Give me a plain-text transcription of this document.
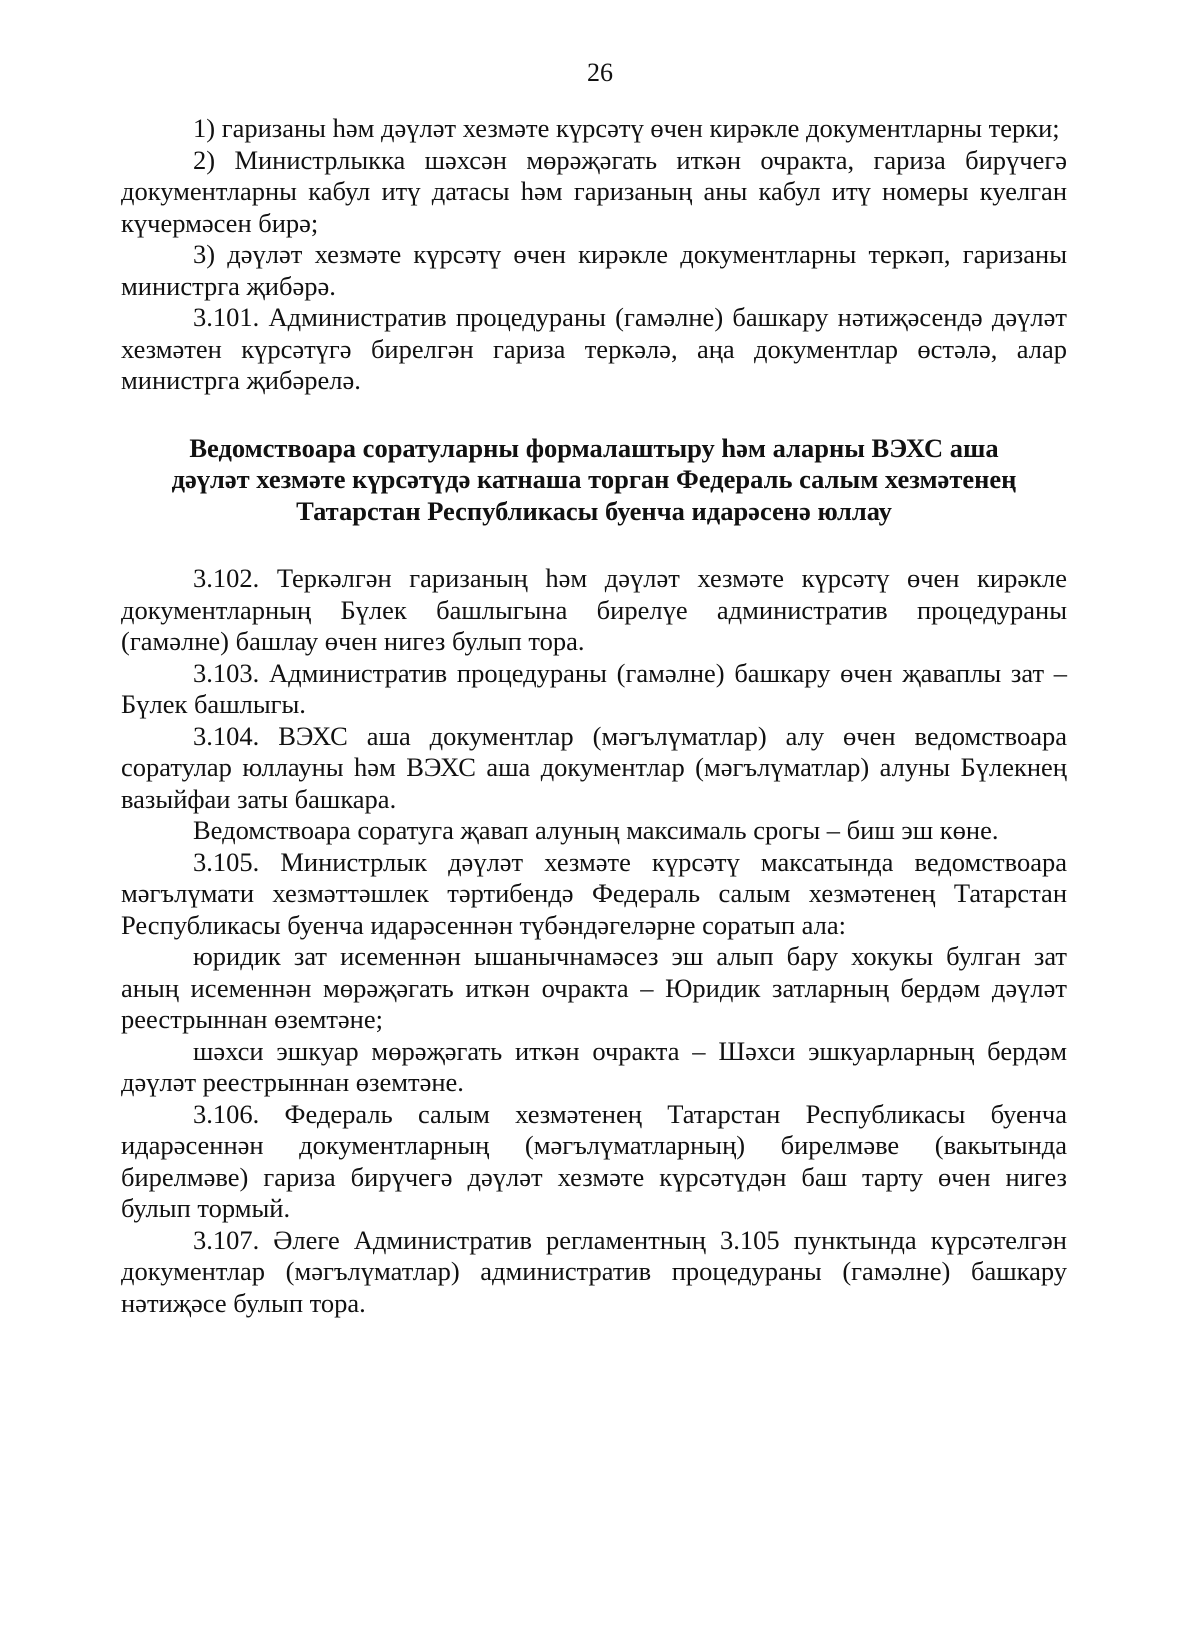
26

1) гаризаны һәм дәүләт хезмәте күрсәтү өчен кирәкле документларны терки;

2) Министрлыкка шәхсән мөрәҗәгать иткән очракта, гариза бирүчегә документларны кабул итү датасы һәм гаризаның аны кабул итү номеры куелган күчермәсен бирә;

3) дәүләт хезмәте күрсәтү өчен кирәкле документларны теркәп, гаризаны министрга җибәрә.

3.101. Административ процедураны (гамәлне) башкару нәтиҗәсендә дәүләт хезмәтен күрсәтүгә бирелгән гариза терк​әлә, аңа документлар өстәлә, алар министрга җибәрелә.

Ведомствоара соратуларны формалаштыру һәм аларны ВЭХС аша
дәүләт хезмәте күрсәтүдә катнаша торган Федераль салым хезмәтенең
Татарстан Республикасы буенча идарәсенә юллау

3.102. Теркәлгән гаризаның һәм дәүләт хезмәте күрсәтү өчен кирәкле документларның Бүлек башлыгына бирелүе административ процедураны (гамәлне) башлау өчен нигез булып тора.

3.103. Административ процедураны (гамәлне) башкару өчен җаваплы зат – Бүлек башлыгы.

3.104. ВЭХС аша документлар (мәгълүматлар) алу өчен ведомствоара соратулар юллауны һәм ВЭХС аша документлар (мәгълүматлар) алуны Бүлекнең вазыйфаи заты башкара.

Ведомствоара соратуга җавап алуның максималь срогы – биш эш көне.

3.105. Министрлык дәүләт хезмәте күрсәтү максатында ведомствоара мәгълүмати хезмәттәшлек тәртибендә Федераль салым хезмәтенең Татарстан Республикасы буенча идарәсеннән түбәндәгеләрне соратып ала:

юридик зат исеменнән ышанычнамәсез эш алып бару хокукы булган зат аның исеменнән мөрәҗәгать иткән очракта – Юридик затларның бердәм дәүләт реестрыннан өземтәне;

шәхси эшкуар мөрәҗәгать иткән очракта – Шәхси эшкуарларның бердәм дәүләт реестрыннан өземтәне.

3.106. Федераль салым хезмәтенең Татарстан Республикасы буенча идарәсеннән документларның (мәгълүматларның) бирелмәве (вакытында бирелмәве) гариза бирүчегә дәүләт хезмәте күрсәтүдән баш тарту өчен нигез булып тормый.

3.107. Әлеге Административ регламентның 3.105 пунктында күрсәтелгән документлар (мәгълүматлар) административ процедураны (гамәлне) башкару нәтиҗәсе булып тора.
